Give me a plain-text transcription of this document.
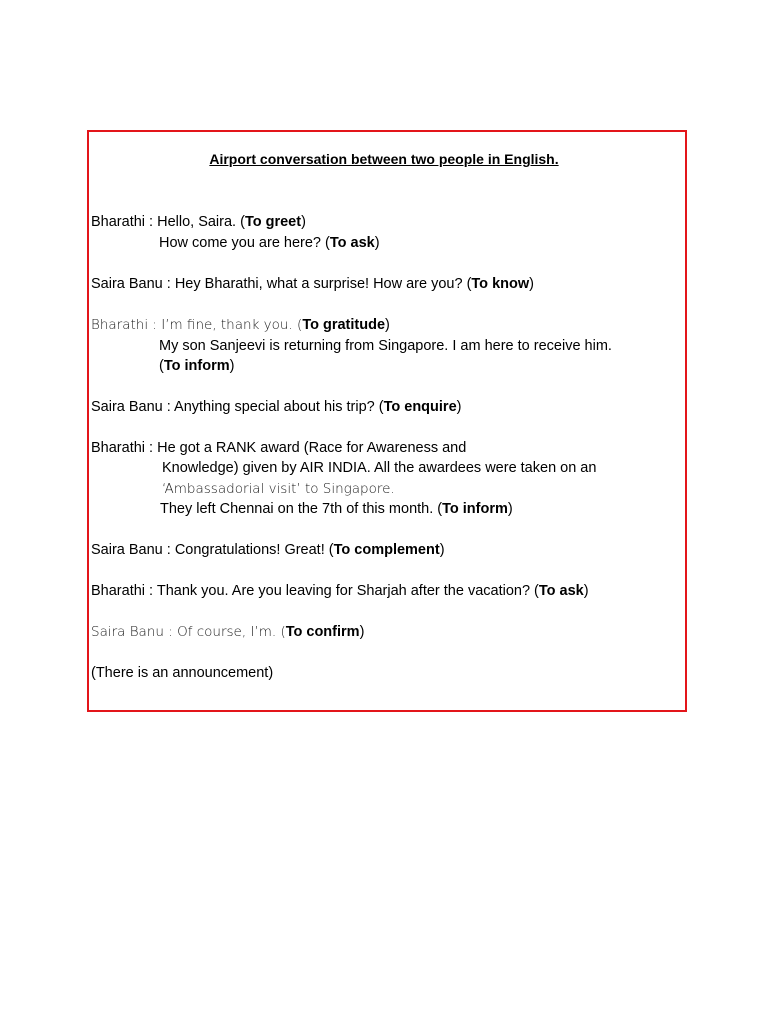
Airport conversation between two people in English.
Bharathi : Hello, Saira. (To greet)
How come you are here? (To ask)
Saira Banu : Hey Bharathi, what a surprise! How are you? (To know)
Bharathi : I’m fine, thank you. (To gratitude)
My son Sanjeevi is returning from Singapore. I am here to receive him.
(To inform)
Saira Banu : Anything special about his trip? (To enquire)
Bharathi : He got a RANK award (Race for Awareness and
Knowledge) given by AIR INDIA. All the awardees were taken on an
‘Ambassadorial visit’ to Singapore.
They left Chennai on the 7th of this month. (To inform)
Saira Banu : Congratulations! Great! (To complement)
Bharathi : Thank you. Are you leaving for Sharjah after the vacation? (To ask)
Saira Banu : Of course, I’m. (To confirm)
(There is an announcement)
